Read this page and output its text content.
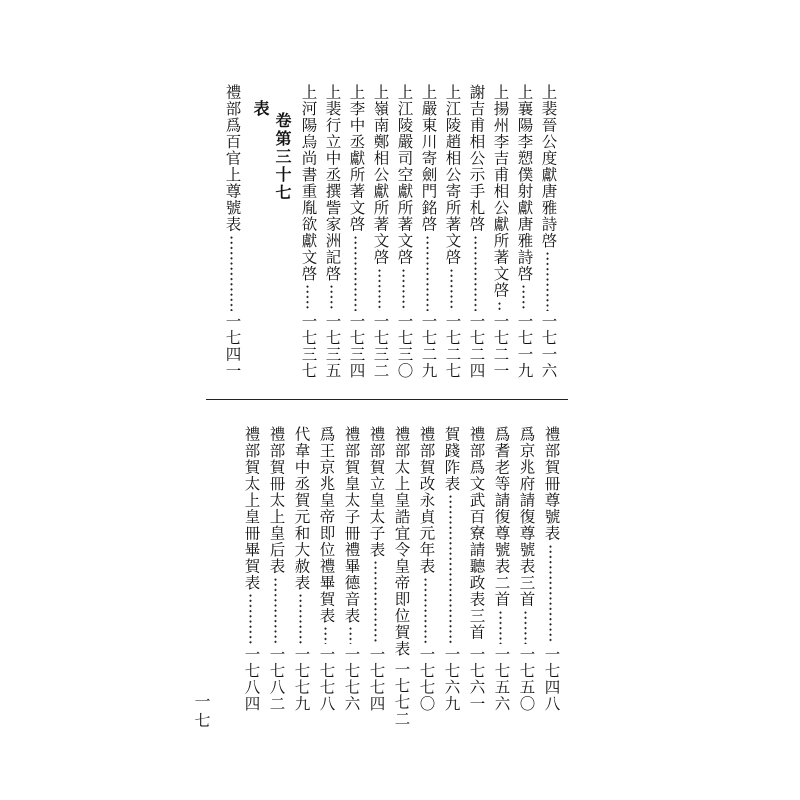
上裴晉公度獻唐雅詩啓
一七一六
上襄陽李愬僕射獻唐雅詩啓
一七一九
上揚州李吉甫相公獻所著文啓
一七二一
謝吉甫相公示手札啓
一七二四
上江陵趙相公寄所著文啓
一七二七
上嚴東川寄劍門銘啓
一七二九
上江陵嚴司空獻所著文啓
一七三〇
上嶺南鄭相公獻所著文啓
一七三二
上李中丞獻所著文啓
一七三四
上裴行立中丞撰訾家洲記啓
一七三五
上河陽烏尚書重胤欲獻文啓
一七三七
卷第三十七
表
禮部爲百官上尊號表
一七四一
禮部賀冊尊號表
一七四八
爲京兆府請復尊號表三首
一七五〇
爲耆老等請復尊號表二首
一七五六
禮部爲文武百寮請聽政表三首
一七六一
賀踐阼表
一七六九
禮部賀改永貞元年表
一七七〇
禮部太上皇誥宜令皇帝即位賀表
一七七二
禮部賀立皇太子表
一七七四
禮部賀皇太子冊禮畢德音表
一七七六
爲王京兆皇帝即位禮畢賀表
一七七八
代韋中丞賀元和大赦表
一七七九
禮部賀冊太上皇后表
一七八二
禮部賀太上皇冊畢賀表
一七八四
一七
